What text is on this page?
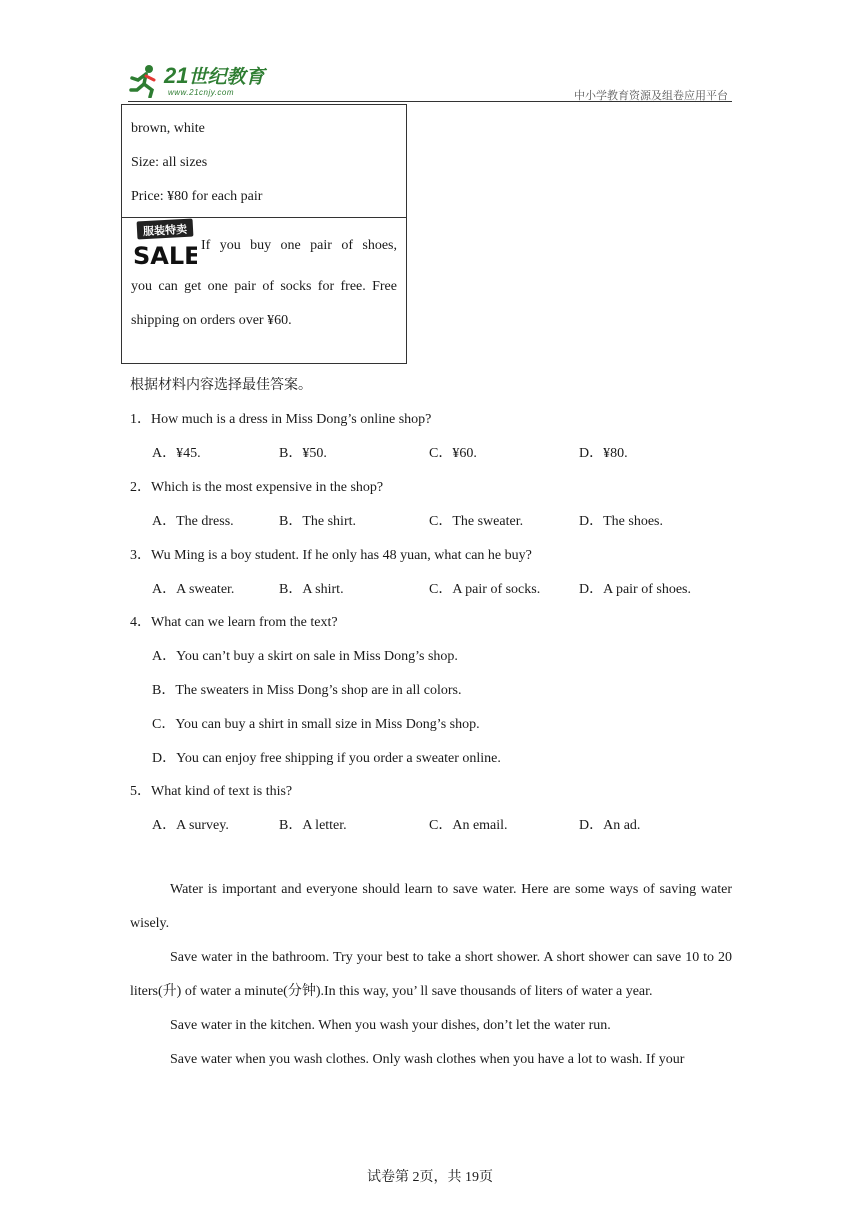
21世纪教育
www.21cnjy.com	中小学教育资源及组卷应用平台

brown, white

Size: all sizes

Price: ¥80 for each pair

服装特卖
SALE If you buy one pair of shoes,

you can get one pair of socks for free. Free shipping on orders over ¥60.

根据材料内容选择最佳答案。
1．How much is a dress in Miss Dong’s online shop?
A．¥45.	B．¥50.	C．¥60.	D．¥80.
2．Which is the most expensive in the shop?
A．The dress.	B．The shirt.	C．The sweater.	D．The shoes.
3．Wu Ming is a boy student. If he only has 48 yuan, what can he buy?
A．A sweater.	B．A shirt.	C．A pair of socks.	D．A pair of shoes.
4．What can we learn from the text?
A．You can’t buy a skirt on sale in Miss Dong’s shop.
B．The sweaters in Miss Dong’s shop are in all colors.
C．You can buy a shirt in small size in Miss Dong’s shop.
D．You can enjoy free shipping if you order a sweater online.
5．What kind of text is this?
A．A survey.	B．A letter.	C．An email.	D．An ad.

Water is important and everyone should learn to save water. Here are some ways of saving water wisely.

Save water in the bathroom. Try your best to take a short shower. A short shower can save 10 to 20 liters(升) of water a minute(分钟).In this way, you’ ll save thousands of liters of water a year.

Save water in the kitchen. When you wash your dishes, don’t let the water run.

Save water when you wash clothes. Only wash clothes when you have a lot to wash. If your

试卷第 2页，共 19页
